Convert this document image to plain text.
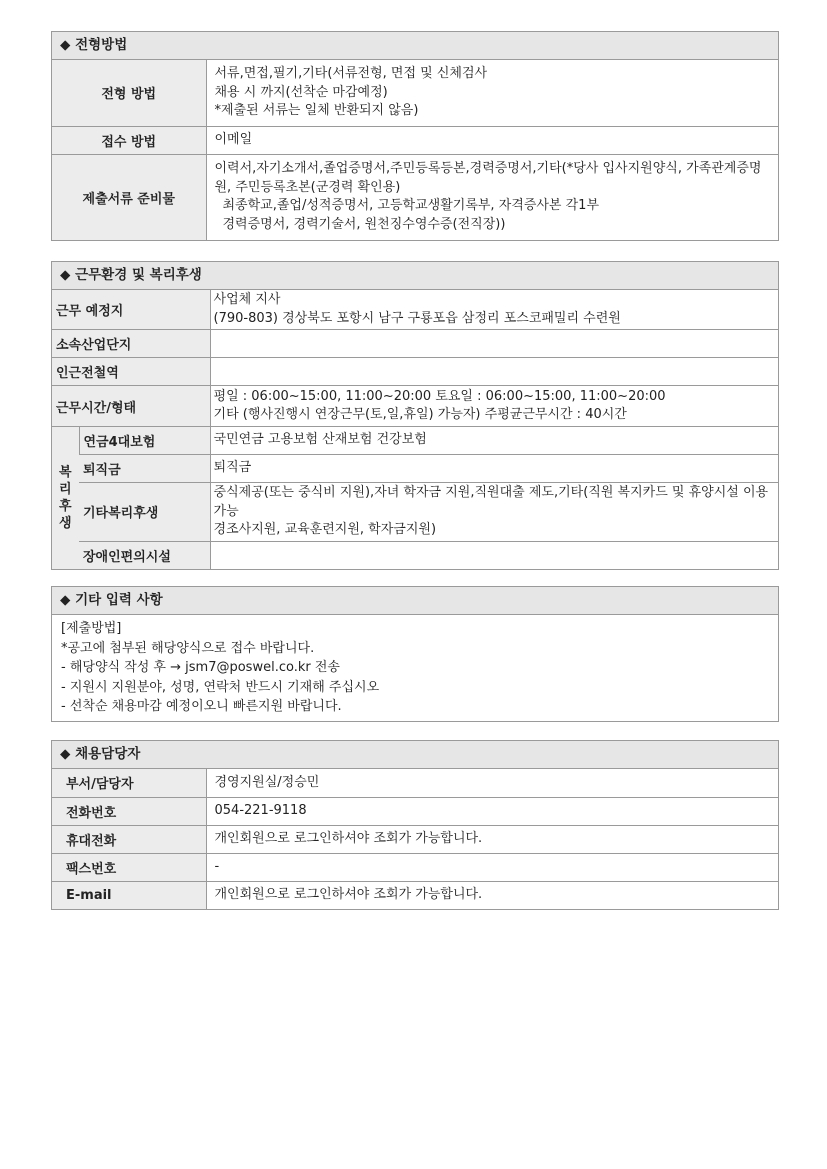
◆ 전형방법
전형 방법	서류,면접,필기,기타(서류전형, 면접 및 신체검사
채용 시 까지(선착순 마감예정)
*제출된 서류는 일체 반환되지 않음)

접수 방법	이메일
제출서류 준비물	이력서,자기소개서,졸업증명서,주민등록등본,경력증명서,기타(*당사 입사지원양식, 가족관계증명원, 주민등록초본(군경력 확인용)
최종학교,졸업/성적증명서, 고등학교생활기록부, 자격증사본 각1부
경력증명서, 경력기술서, 원천징수영수증(전직장))
◆ 근무환경 및 복리후생
근무 예정지		사업체 지사
(790-803) 경상북도 포항시 남구 구룡포읍 삼정리 포스코패밀리 수련원

소속산업단지		
인근전철역		
근무시간/형태		평일 : 06:00~15:00, 11:00~20:00 토요일 : 06:00~15:00, 11:00~20:00
기타 (행사진행시 연장근무(토,일,휴일) 가능자) 주평균근무시간 : 40시간

복
리
후
생	연금4대보험	국민연금 고용보험 산재보험 건강보험
	퇴직금	퇴직금
	기타복리후생	중식제공(또는 중식비 지원),자녀 학자금 지원,직원대출 제도,기타(직원 복지카드 및 휴양시설 이용가능
경조사지원, 교육훈련지원, 학자금지원)

	장애인편의시설	
◆ 기타 입력 사항
[제출방법]
*공고에 첨부된 해당양식으로 접수 바랍니다.
- 해당양식 작성 후 → jsm7@poswel.co.kr 전송
- 지원시 지원분야, 성명, 연락처 반드시 기재해 주십시오
- 선착순 채용마감 예정이오니 빠른지원 바랍니다.
◆ 채용담당자
부서/담당자	경영지원실/정승민
전화번호	054-221-9118
휴대전화	개인회원으로 로그인하셔야 조회가 가능합니다.
팩스번호	-
E-mail	개인회원으로 로그인하셔야 조회가 가능합니다.
